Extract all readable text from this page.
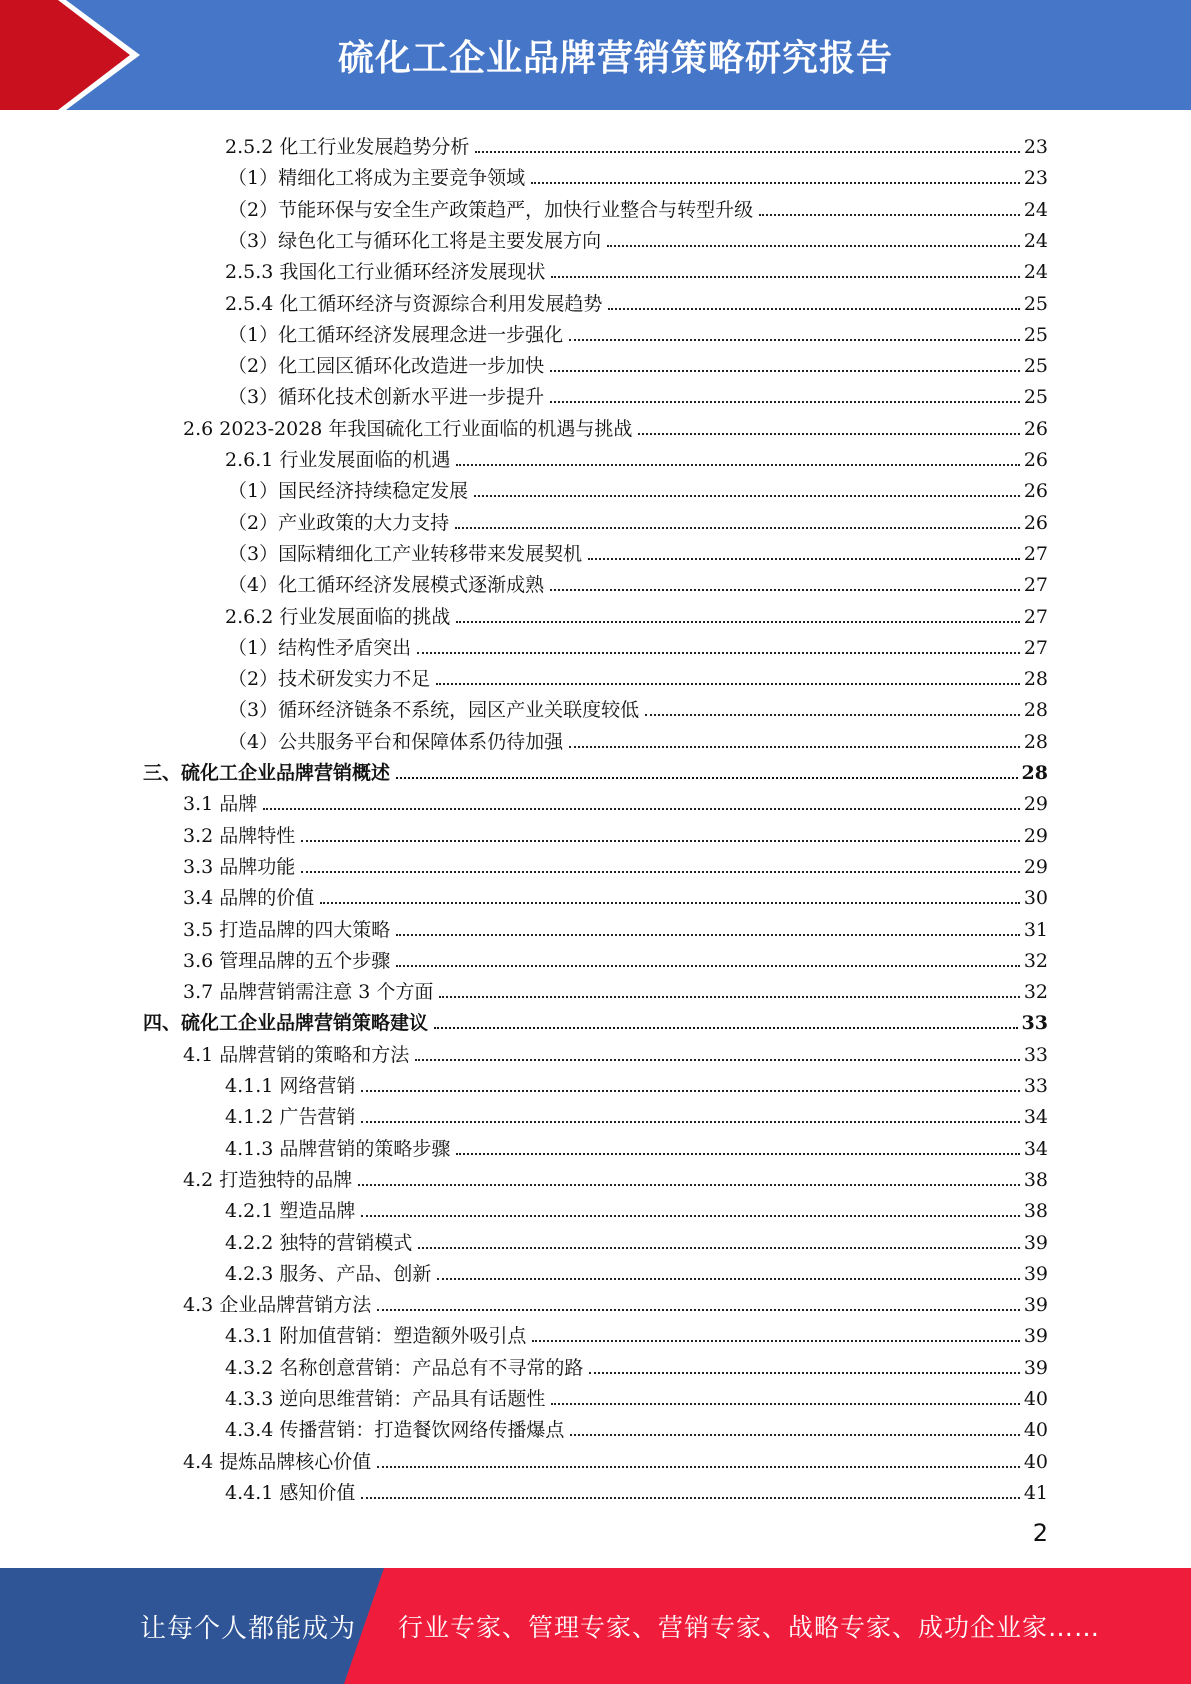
硫化工企业品牌营销策略研究报告
2.5.2 化工行业发展趋势分析	23
（1）精细化工将成为主要竞争领域	23
（2）节能环保与安全生产政策趋严，加快行业整合与转型升级	24
（3）绿色化工与循环化工将是主要发展方向	24
2.5.3 我国化工行业循环经济发展现状	24
2.5.4 化工循环经济与资源综合利用发展趋势	25
（1）化工循环经济发展理念进一步强化	25
（2）化工园区循环化改造进一步加快	25
（3）循环化技术创新水平进一步提升	25
2.6 2023-2028 年我国硫化工行业面临的机遇与挑战	26
2.6.1 行业发展面临的机遇	26
（1）国民经济持续稳定发展	26
（2）产业政策的大力支持	26
（3）国际精细化工产业转移带来发展契机	27
（4）化工循环经济发展模式逐渐成熟	27
2.6.2 行业发展面临的挑战	27
（1）结构性矛盾突出	27
（2）技术研发实力不足	28
（3）循环经济链条不系统，园区产业关联度较低	28
（4）公共服务平台和保障体系仍待加强	28
三、硫化工企业品牌营销概述	28
3.1 品牌	29
3.2 品牌特性	29
3.3 品牌功能	29
3.4 品牌的价值	30
3.5 打造品牌的四大策略	31
3.6 管理品牌的五个步骤	32
3.7 品牌营销需注意 3 个方面	32
四、硫化工企业品牌营销策略建议	33
4.1 品牌营销的策略和方法	33
4.1.1 网络营销	33
4.1.2 广告营销	34
4.1.3 品牌营销的策略步骤	34
4.2 打造独特的品牌	38
4.2.1 塑造品牌	38
4.2.2 独特的营销模式	39
4.2.3 服务、产品、创新	39
4.3 企业品牌营销方法	39
4.3.1 附加值营销：塑造额外吸引点	39
4.3.2 名称创意营销：产品总有不寻常的路	39
4.3.3 逆向思维营销：产品具有话题性	40
4.3.4 传播营销：打造餐饮网络传播爆点	40
4.4 提炼品牌核心价值	40
4.4.1 感知价值	41
2
让每个人都能成为 行业专家、管理专家、营销专家、战略专家、成功企业家……
